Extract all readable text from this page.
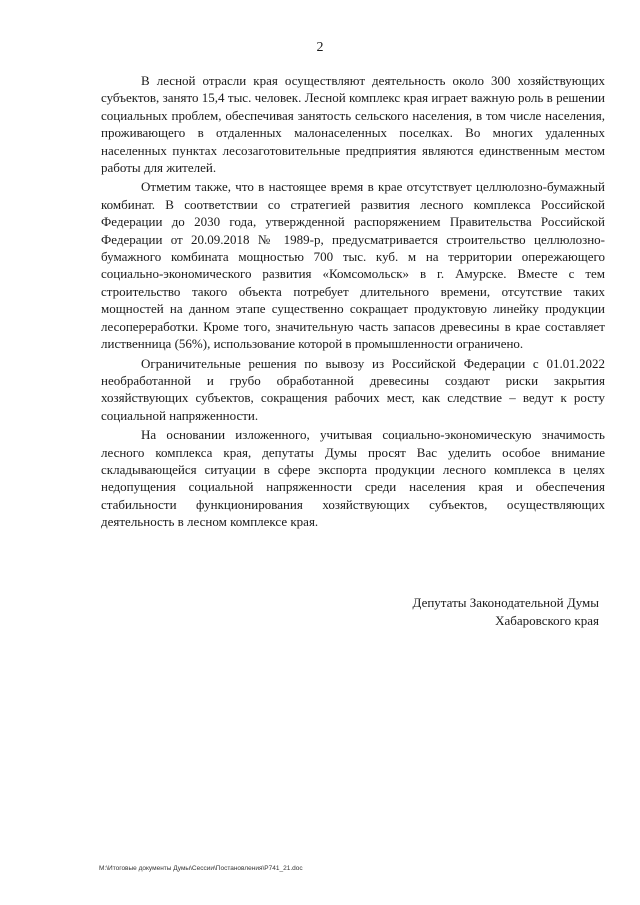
2

В лесной отрасли края осуществляют деятельность около 300 хозяйствующих субъектов, занято 15,4 тыс. человек. Лесной комплекс края играет важную роль в решении социальных проблем, обеспечивая занятость сельского населения, в том числе населения, проживающего в отдаленных малонаселенных поселках. Во многих удаленных населенных пунктах лесозаготовительные предприятия являются единственным местом работы для жителей.

Отметим также, что в настоящее время в крае отсутствует целлюлозно-бумажный комбинат. В соответствии со стратегией развития лесного комплекса Российской Федерации до 2030 года, утвержденной распоряжением Правительства Российской Федерации от 20.09.2018 № 1989-р, предусматривается строительство целлюлозно-бумажного комбината мощностью 700 тыс. куб. м на территории опережающего социально-экономического развития «Комсомольск» в г. Амурске. Вместе с тем строительство такого объекта потребует длительного времени, отсутствие таких мощностей на данном этапе существенно сокращает продуктовую линейку продукции лесопереработки. Кроме того, значительную часть запасов древесины в крае составляет лиственница (56%), использование которой в промышленности ограничено.

Ограничительные решения по вывозу из Российской Федерации с 01.01.2022 необработанной и грубо обработанной древесины создают риски закрытия хозяйствующих субъектов, сокращения рабочих мест, как следствие – ведут к росту социальной напряженности.

На основании изложенного, учитывая социально-экономическую значимость лесного комплекса края, депутаты Думы просят Вас уделить особое внимание складывающейся ситуации в сфере экспорта продукции лесного комплекса в целях недопущения социальной напряженности среди населения края и обеспечения стабильности функционирования хозяйствующих субъектов, осуществляющих деятельность в лесном комплексе края.

Депутаты Законодательной Думы
Хабаровского края
M:\Итоговые документы Думы\Сессии\Постановления\P741_21.doc
